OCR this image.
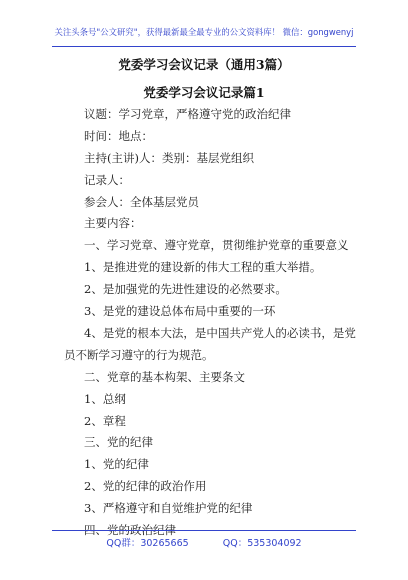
关注头条号"公文研究"，获得最新最全最专业的公文资料库！ 微信：gongwenyj
党委学习会议记录（通用3篇）
党委学习会议记录篇1
议题：学习党章，严格遵守党的政治纪律
时间：地点：
主持(主讲)人：类别：基层党组织
记录人：
参会人：全体基层党员
主要内容：
一、学习党章、遵守党章，贯彻维护党章的重要意义
1、是推进党的建设新的伟大工程的重大举措。
2、是加强党的先进性建设的必然要求。
3、是党的建设总体布局中重要的一环
4、是党的根本大法，是中国共产党人的必读书，是党
员不断学习遵守的行为规范。
二、党章的基本构架、主要条文
1、总纲
2、章程
三、党的纪律
1、党的纪律
2、党的纪律的政治作用
3、严格遵守和自觉维护党的纪律
四、党的政治纪律
QQ群：30265665	QQ：535304092
